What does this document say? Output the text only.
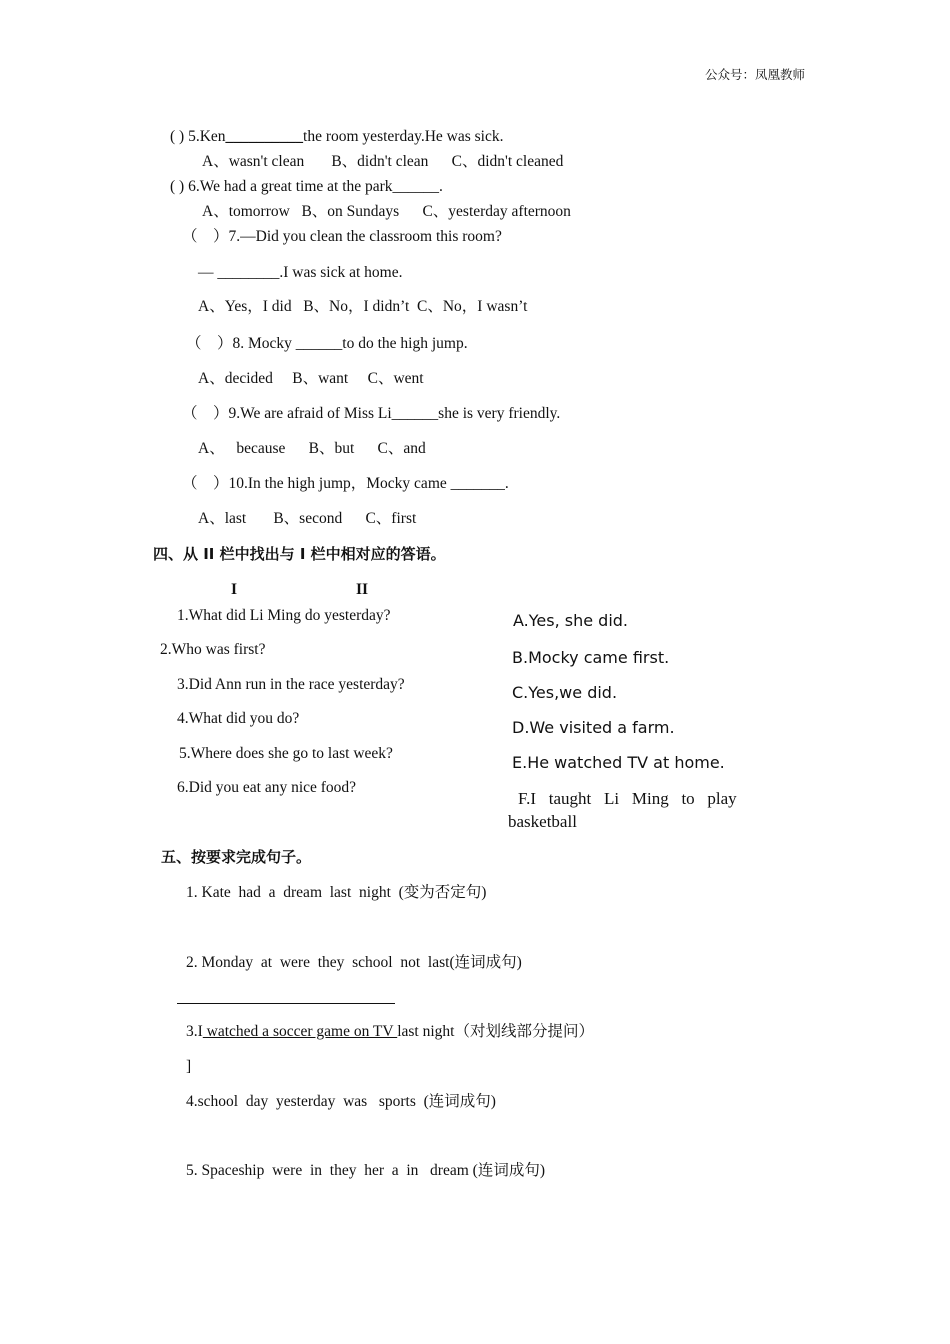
公众号：凤凰教师
( ) 5.Ken__________the room yesterday.He was sick.
A、wasn't clean       B、didn't clean      C、didn't cleaned
( ) 6.We had a great time at the park______.
A、tomorrow   B、on Sundays      C、yesterday afternoon
（    ）7.—Did you clean the classroom this room?
— ________.I was sick at home.
A、Yes，I did   B、No，I didn’t  C、No，I wasn’t
（    ）8. Mocky ______to do the high jump.
A、decided     B、want     C、went
（    ）9.We are afraid of Miss Li______she is very friendly.
A、   because      B、but      C、and
（    ）10.In the high jump，Mocky came _______.
A、last       B、second      C、first
四、从 II 栏中找出与 I 栏中相对应的答语。
I	II
1.What did Li Ming do yesterday?
2.Who was first?
3.Did Ann run in the race yesterday?
4.What did you do?
5.Where does she go to last week?
6.Did you eat any nice food?
A.Yes, she did.
B.Mocky came first.
C.Yes,we did.
D.We visited a farm.
E.He watched TV at home.
F.I   taught   Li   Ming   to   play
basketball
五、按要求完成句子。
1. Kate  had  a  dream  last  night  (变为否定句)
2. Monday  at  were  they  school  not  last(连词成句)
3.I watched a soccer game on TV last night（对划线部分提问）
]
4.school  day  yesterday  was   sports  (连词成句)
5. Spaceship  were  in  they  her  a  in   dream (连词成句)
